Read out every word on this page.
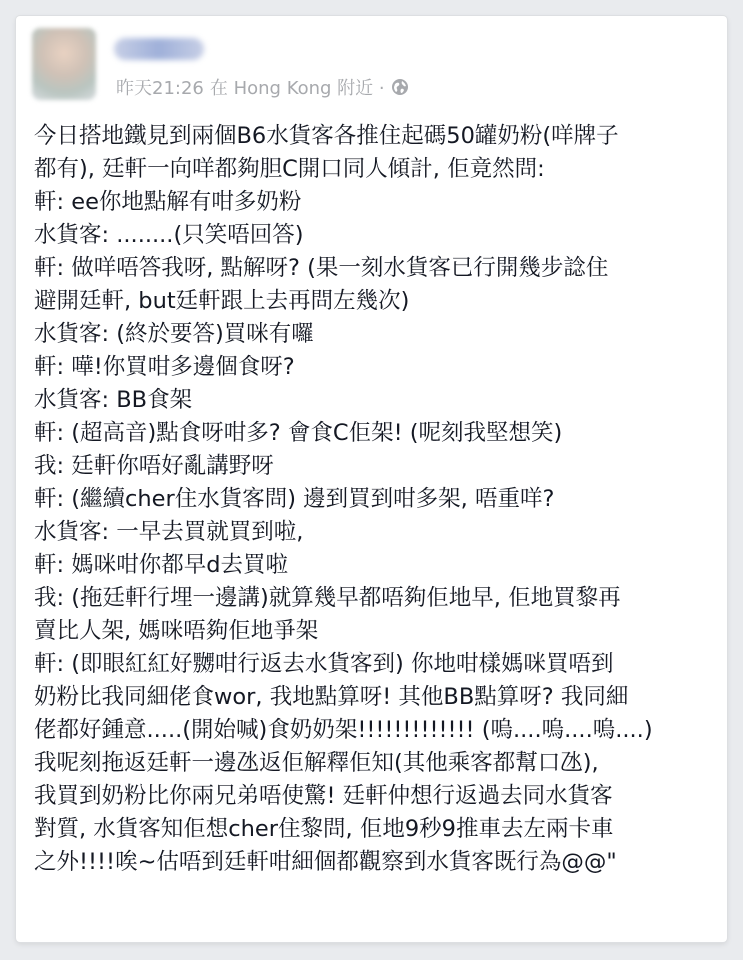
昨天21:26 在 Hong Kong 附近 ·

今日搭地鐵見到兩個B6水貨客各推住起碼50罐奶粉(咩牌子

都有), 廷軒一向咩都夠胆C開口同人傾計, 佢竟然問:

軒: ee你地點解有咁多奶粉

水貨客: ........(只笑唔回答)

軒: 做咩唔答我呀, 點解呀? (果一刻水貨客已行開幾步諗住

避開廷軒, but廷軒跟上去再問左幾次)

水貨客: (終於要答)買咪有囉

軒: 嘩!你買咁多邊個食呀?

水貨客: BB食架

軒: (超高音)點食呀咁多? 會食C佢架! (呢刻我堅想笑)

我: 廷軒你唔好亂講野呀

軒: (繼續cher住水貨客問) 邊到買到咁多架, 唔重咩?

水貨客: 一早去買就買到啦,

軒: 媽咪咁你都早d去買啦

我: (拖廷軒行埋一邊講)就算幾早都唔夠佢地早, 佢地買黎再

賣比人架, 媽咪唔夠佢地爭架

軒: (即眼紅紅好嬲咁行返去水貨客到) 你地咁樣媽咪買唔到

奶粉比我同細佬食wor, 我地點算呀! 其他BB點算呀? 我同細

佬都好鍾意.....(開始喊)食奶奶架!!!!!!!!!!!!! (嗚....嗚....嗚....)

我呢刻拖返廷軒一邊氹返佢解釋佢知(其他乘客都幫口氹),

我買到奶粉比你兩兄弟唔使驚! 廷軒仲想行返過去同水貨客

對質, 水貨客知佢想cher住黎問, 佢地9秒9推車去左兩卡車

之外!!!!唉~估唔到廷軒咁細個都觀察到水貨客既行為@@"
